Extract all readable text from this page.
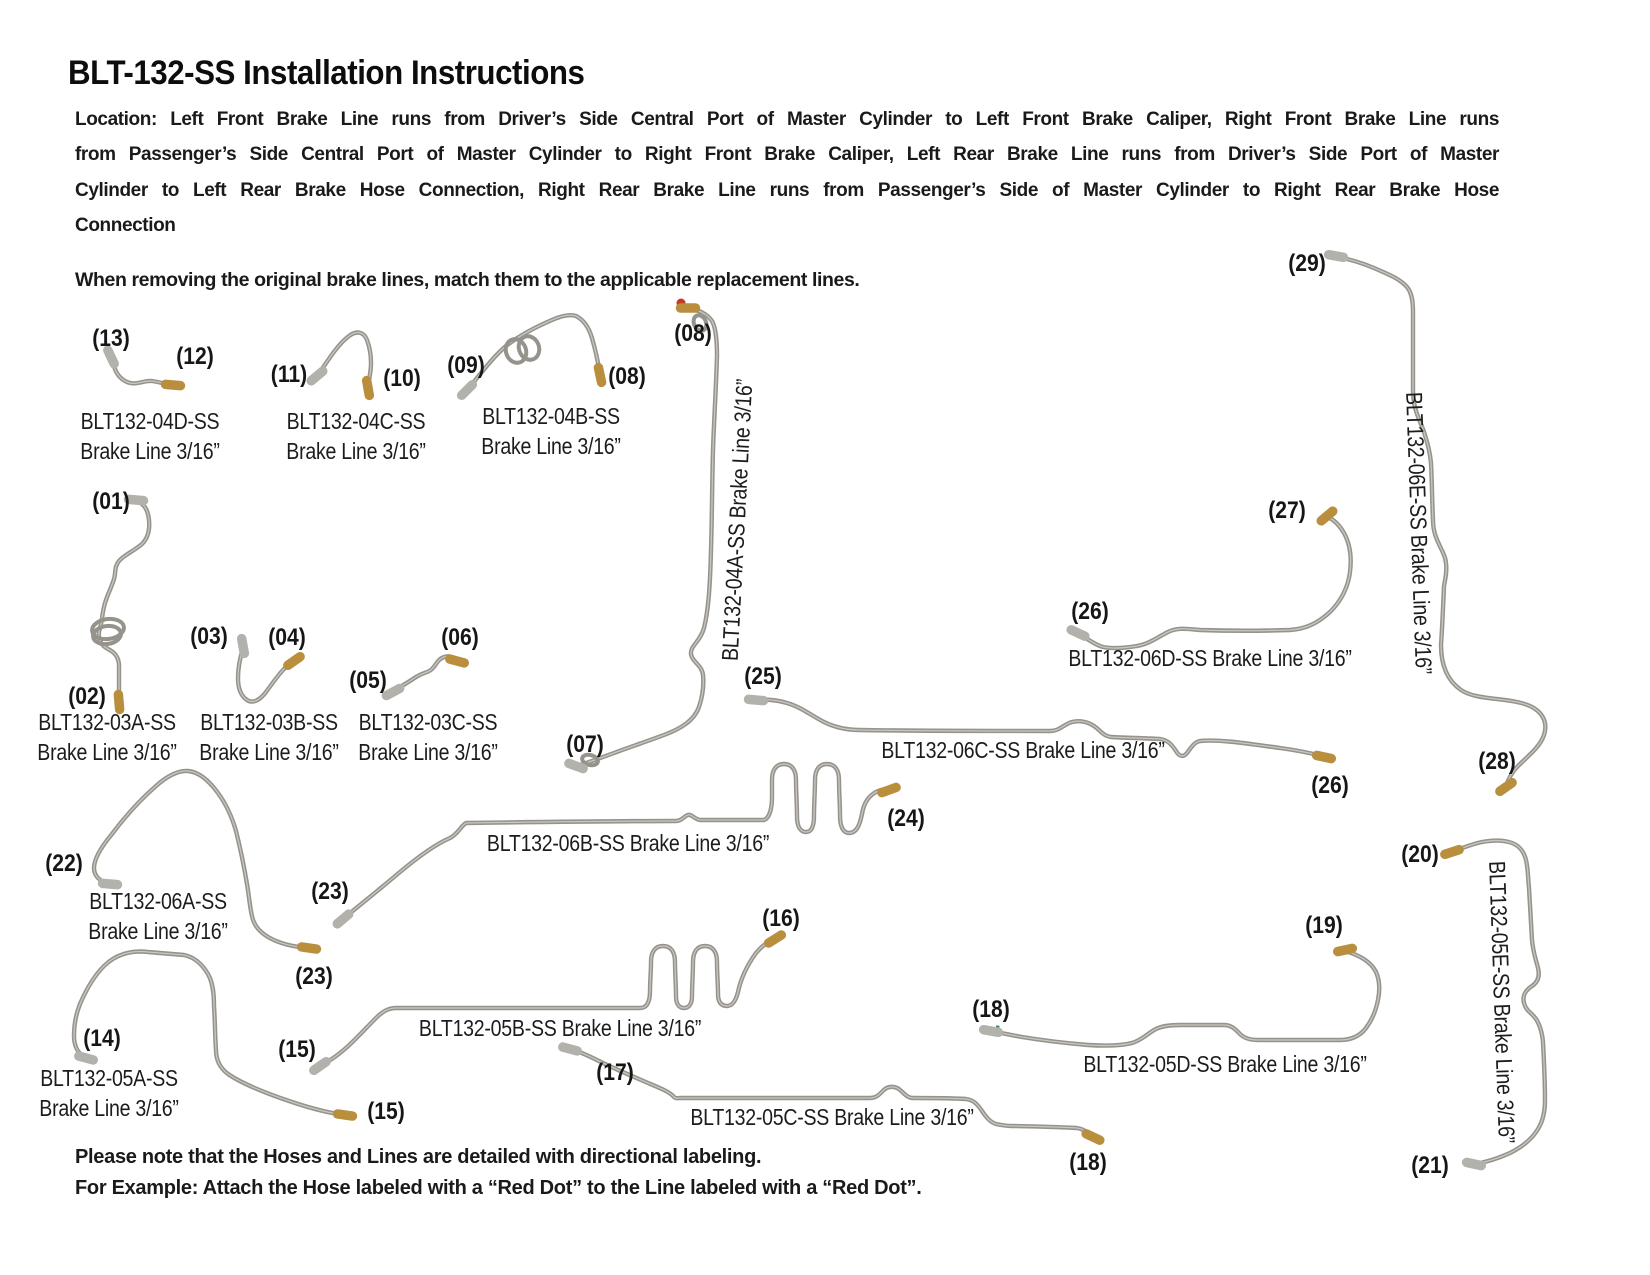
BLT-132-SS Installation Instructions
Location: Left Front Brake Line runs from Driver’s Side Central Port of Master Cylinder to Left Front Brake Caliper, Right Front Brake Line runs
from Passenger’s Side Central Port of Master Cylinder to Right Front Brake Caliper, Left Rear Brake Line runs from Driver’s Side Port of Master
Cylinder to Left Rear Brake Hose Connection, Right Rear Brake Line runs from Passenger’s Side of Master Cylinder to Right Rear Brake Hose
Connection
When removing the original brake lines, match them to the applicable replacement lines.
(13)
(12)
(11)	(10) (09)	(08)
(08)
(29)
(01)	(27)
(26)
(25)
(03) (04)
(05)
(06)
(02)
(07)
(28)
(24)
(26)
(22)
(23)
(20)
(16)	(19)
(23)
(18)
(14)	(15)
(15)
(17)
(18)	(21)
BLT132-04D-SS
Brake Line 3/16”
BLT132-04C-SS
Brake Line 3/16”
BLT132-04B-SS
Brake Line 3/16”
BLT132-03A-SS
Brake Line 3/16”
BLT132-03B-SS
Brake Line 3/16”
BLT132-03C-SS
Brake Line 3/16”
BLT132-06A-SS
Brake Line 3/16”
BLT132-05A-SS
Brake Line 3/16”
BLT132-06D-SS Brake Line 3/16”
BLT132-06C-SS Brake Line 3/16”
BLT132-06B-SS Brake Line 3/16”
BLT132-05B-SS Brake Line 3/16”
BLT132-05C-SS Brake Line 3/16”
BLT132-05D-SS Brake Line 3/16”
BLT132-04A-SS Brake Line 3/16”	BLT132-06E-SS Brake Line 3/16”
BLT132-05E-SS Brake Line 3/16”
Please note that the Hoses and Lines are detailed with directional labeling.
For Example: Attach the Hose labeled with a “Red Dot” to the Line labeled with a “Red Dot”.
